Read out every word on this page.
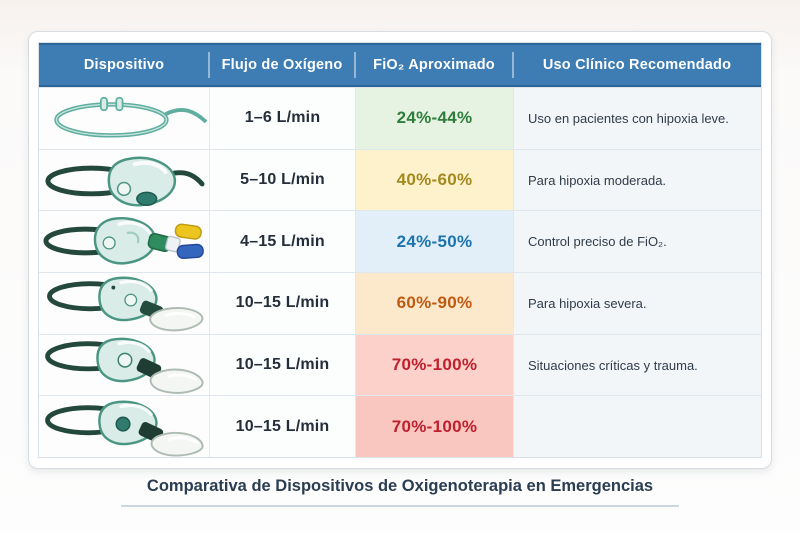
Dispositivo	Flujo de Oxígeno	FiO₂ Aproximado	Uso Clínico Recomendado
1–6 L/min	24%-44%	Uso en pacientes con hipoxia leve.
5–10 L/min	40%-60%	Para hipoxia moderada.
4–15 L/min	24%-50%	Control preciso de FiO₂.
10–15 L/min	60%-90%	Para hipoxia severa.
10–15 L/min	70%-100%	Situaciones críticas y trauma.
10–15 L/min	70%-100%
Comparativa de Dispositivos de Oxigenoterapia en Emergencias
